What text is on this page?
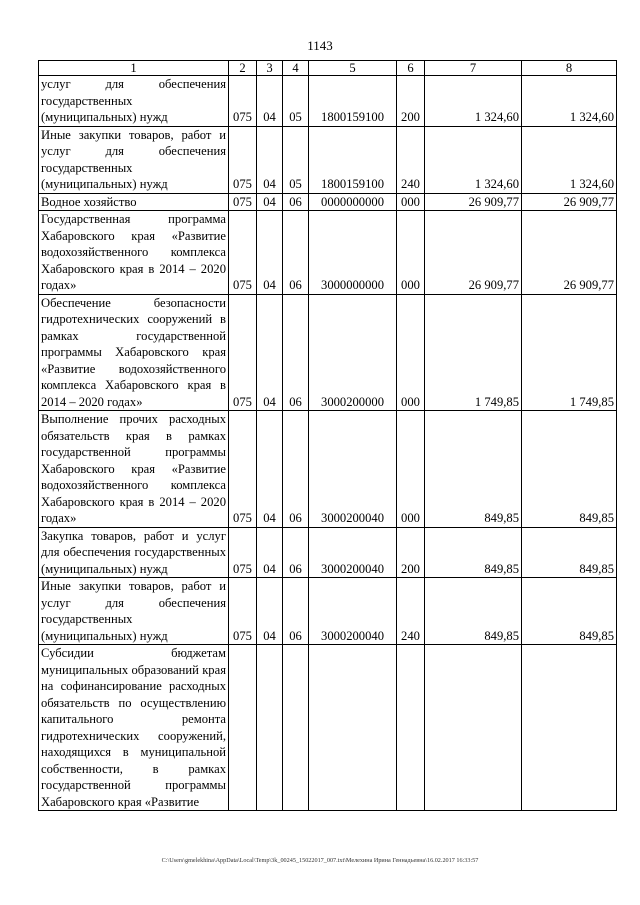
1143
1	2	3	4	5	6	7	8
услуг для обеспечения государственных (муниципальных) нужд	075	04	05	1800159100	200	1 324,60	1 324,60
Иные закупки товаров, работ и услуг для обеспечения государственных (муниципальных) нужд	075	04	05	1800159100	240	1 324,60	1 324,60
Водное хозяйство	075	04	06	0000000000	000	26 909,77	26 909,77
Государственная программа Хабаровского края «Развитие водохозяйственного комплекса Хабаровского края в 2014 – 2020 годах»	075	04	06	3000000000	000	26 909,77	26 909,77
Обеспечение безопасности гидротехнических сооружений в рамках государственной программы Хабаровского края «Развитие водохозяйственного комплекса Хабаровского края в 2014 – 2020 годах»	075	04	06	3000200000	000	1 749,85	1 749,85
Выполнение прочих расходных обязательств края в рамках государственной программы Хабаровского края «Развитие водохозяйственного комплекса Хабаровского края в 2014 – 2020 годах»	075	04	06	3000200040	000	849,85	849,85
Закупка товаров, работ и услуг для обеспечения государственных (муниципальных) нужд	075	04	06	3000200040	200	849,85	849,85
Иные закупки товаров, работ и услуг для обеспечения государственных (муниципальных) нужд	075	04	06	3000200040	240	849,85	849,85
Субсидии бюджетам муниципальных образований края на софинансирование расходных обязательств по осуществлению капитального ремонта гидротехнических сооружений, находящихся в муниципальной собственности, в рамках государственной программы Хабаровского края «Развитие							
C:\Users\gmelekhina\AppData\Local\Temp\3k_00245_15022017_007.txt\Мелехина Ирина Геннадьевна\16.02.2017 16:33:57
